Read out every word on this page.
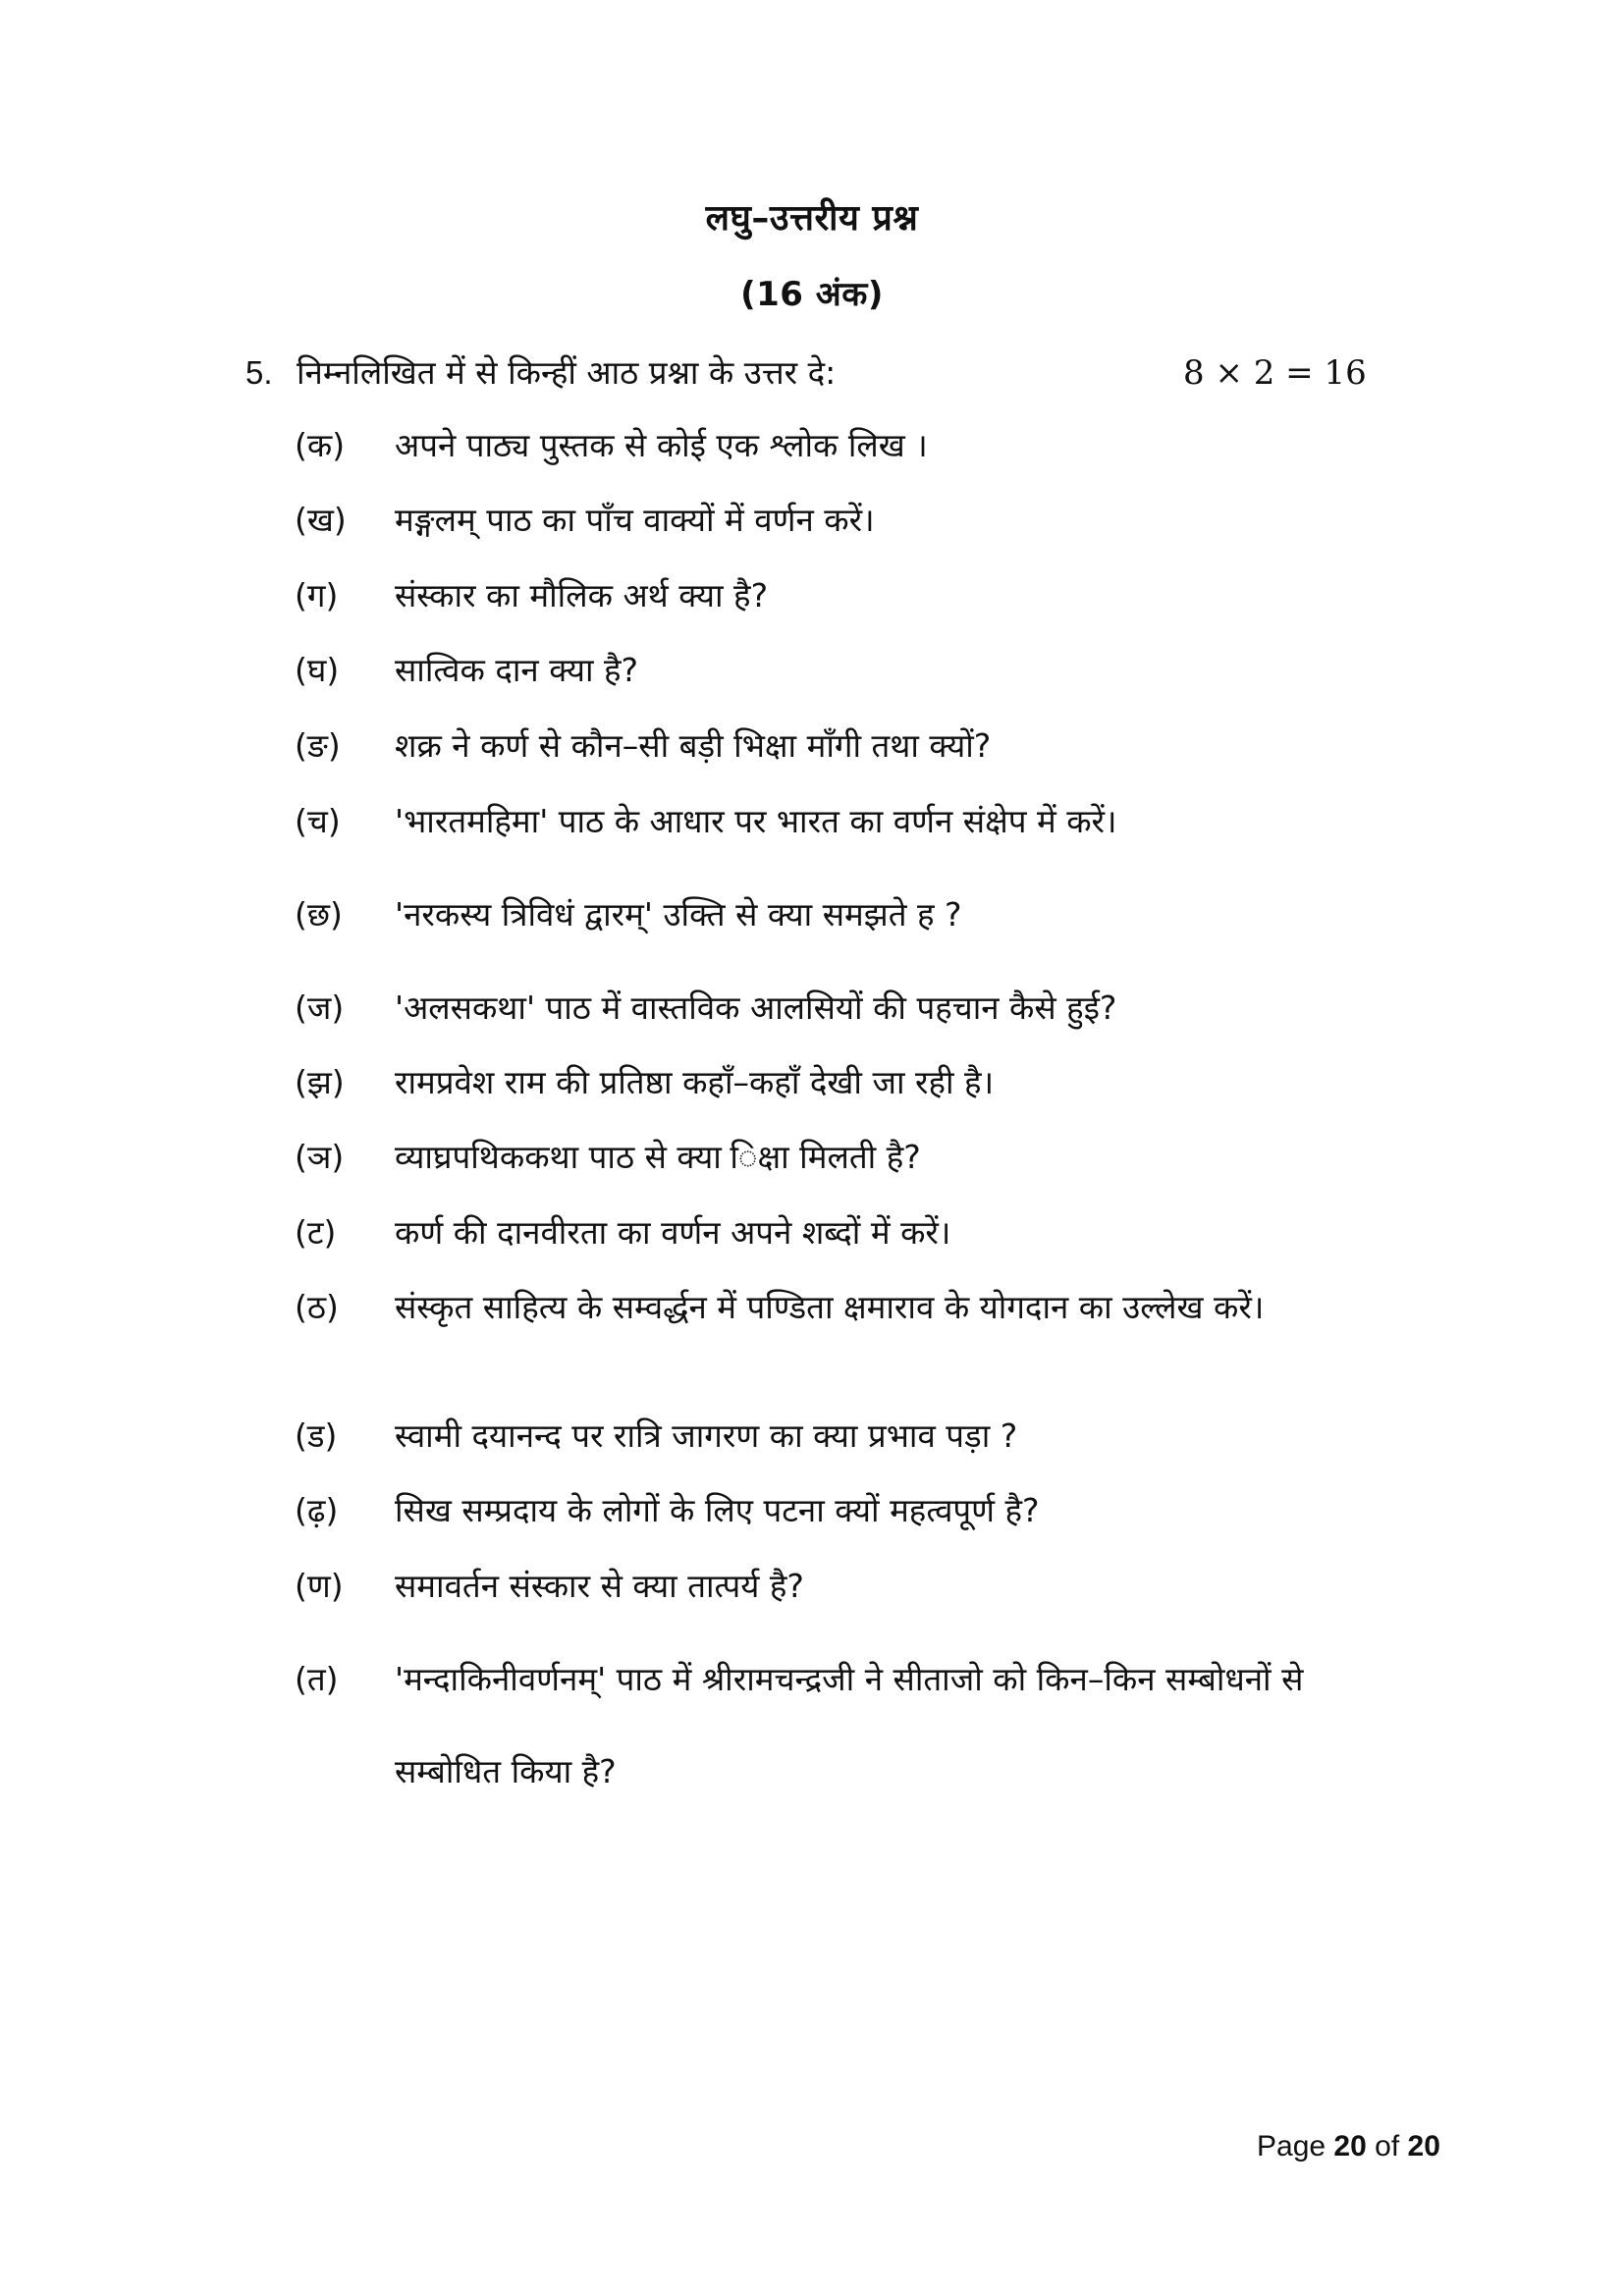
लघु–उत्तरीय प्रश्न
(16 अंक)
5. निम्नलिखित में से किन्हीं आठ प्रश्ना के उत्तर दे:	8 × 2 = 16
(क)	अपने पाठ्य पुस्तक से कोई एक श्लोक लिख ।
(ख)	मङ्गलम् पाठ का पाँच वाक्यों में वर्णन करें।
(ग)	संस्कार का मौलिक अर्थ क्या है?
(घ)	सात्विक दान क्या है?
(ङ)	शक्र ने कर्ण से कौन–सी बड़ी भिक्षा माँगी तथा क्यों?
(च)	'भारतमहिमा' पाठ के आधार पर भारत का वर्णन संक्षेप में करें।
(छ)	'नरकस्य त्रिविधं द्वारम्' उक्ति से क्या समझते ह ?
(ज)	'अलसकथा' पाठ में वास्तविक आलसियों की पहचान कैसे हुई?
(झ)	रामप्रवेश राम की प्रतिष्ठा कहाँ–कहाँ देखी जा रही है।
(ञ)	व्याघ्रपथिककथा पाठ से क्या िक्षा मिलती है?
(ट)	कर्ण की दानवीरता का वर्णन अपने शब्दों में करें।
(ठ)	संस्कृत साहित्य के सम्वर्द्धन में पण्डिता क्षमाराव के योगदान का उल्लेख करें।
(ड)	स्वामी दयानन्द पर रात्रि जागरण का क्या प्रभाव पड़ा ?
(ढ़)	सिख सम्प्रदाय के लोगों के लिए पटना क्यों महत्वपूर्ण है?
(ण)	समावर्तन संस्कार से क्या तात्पर्य है?
(त)	'मन्दाकिनीवर्णनम्' पाठ में श्रीरामचन्द्रजी ने सीताजो को किन–किन सम्बोधनों से सम्बोधित किया है?
Page 20 of 20
